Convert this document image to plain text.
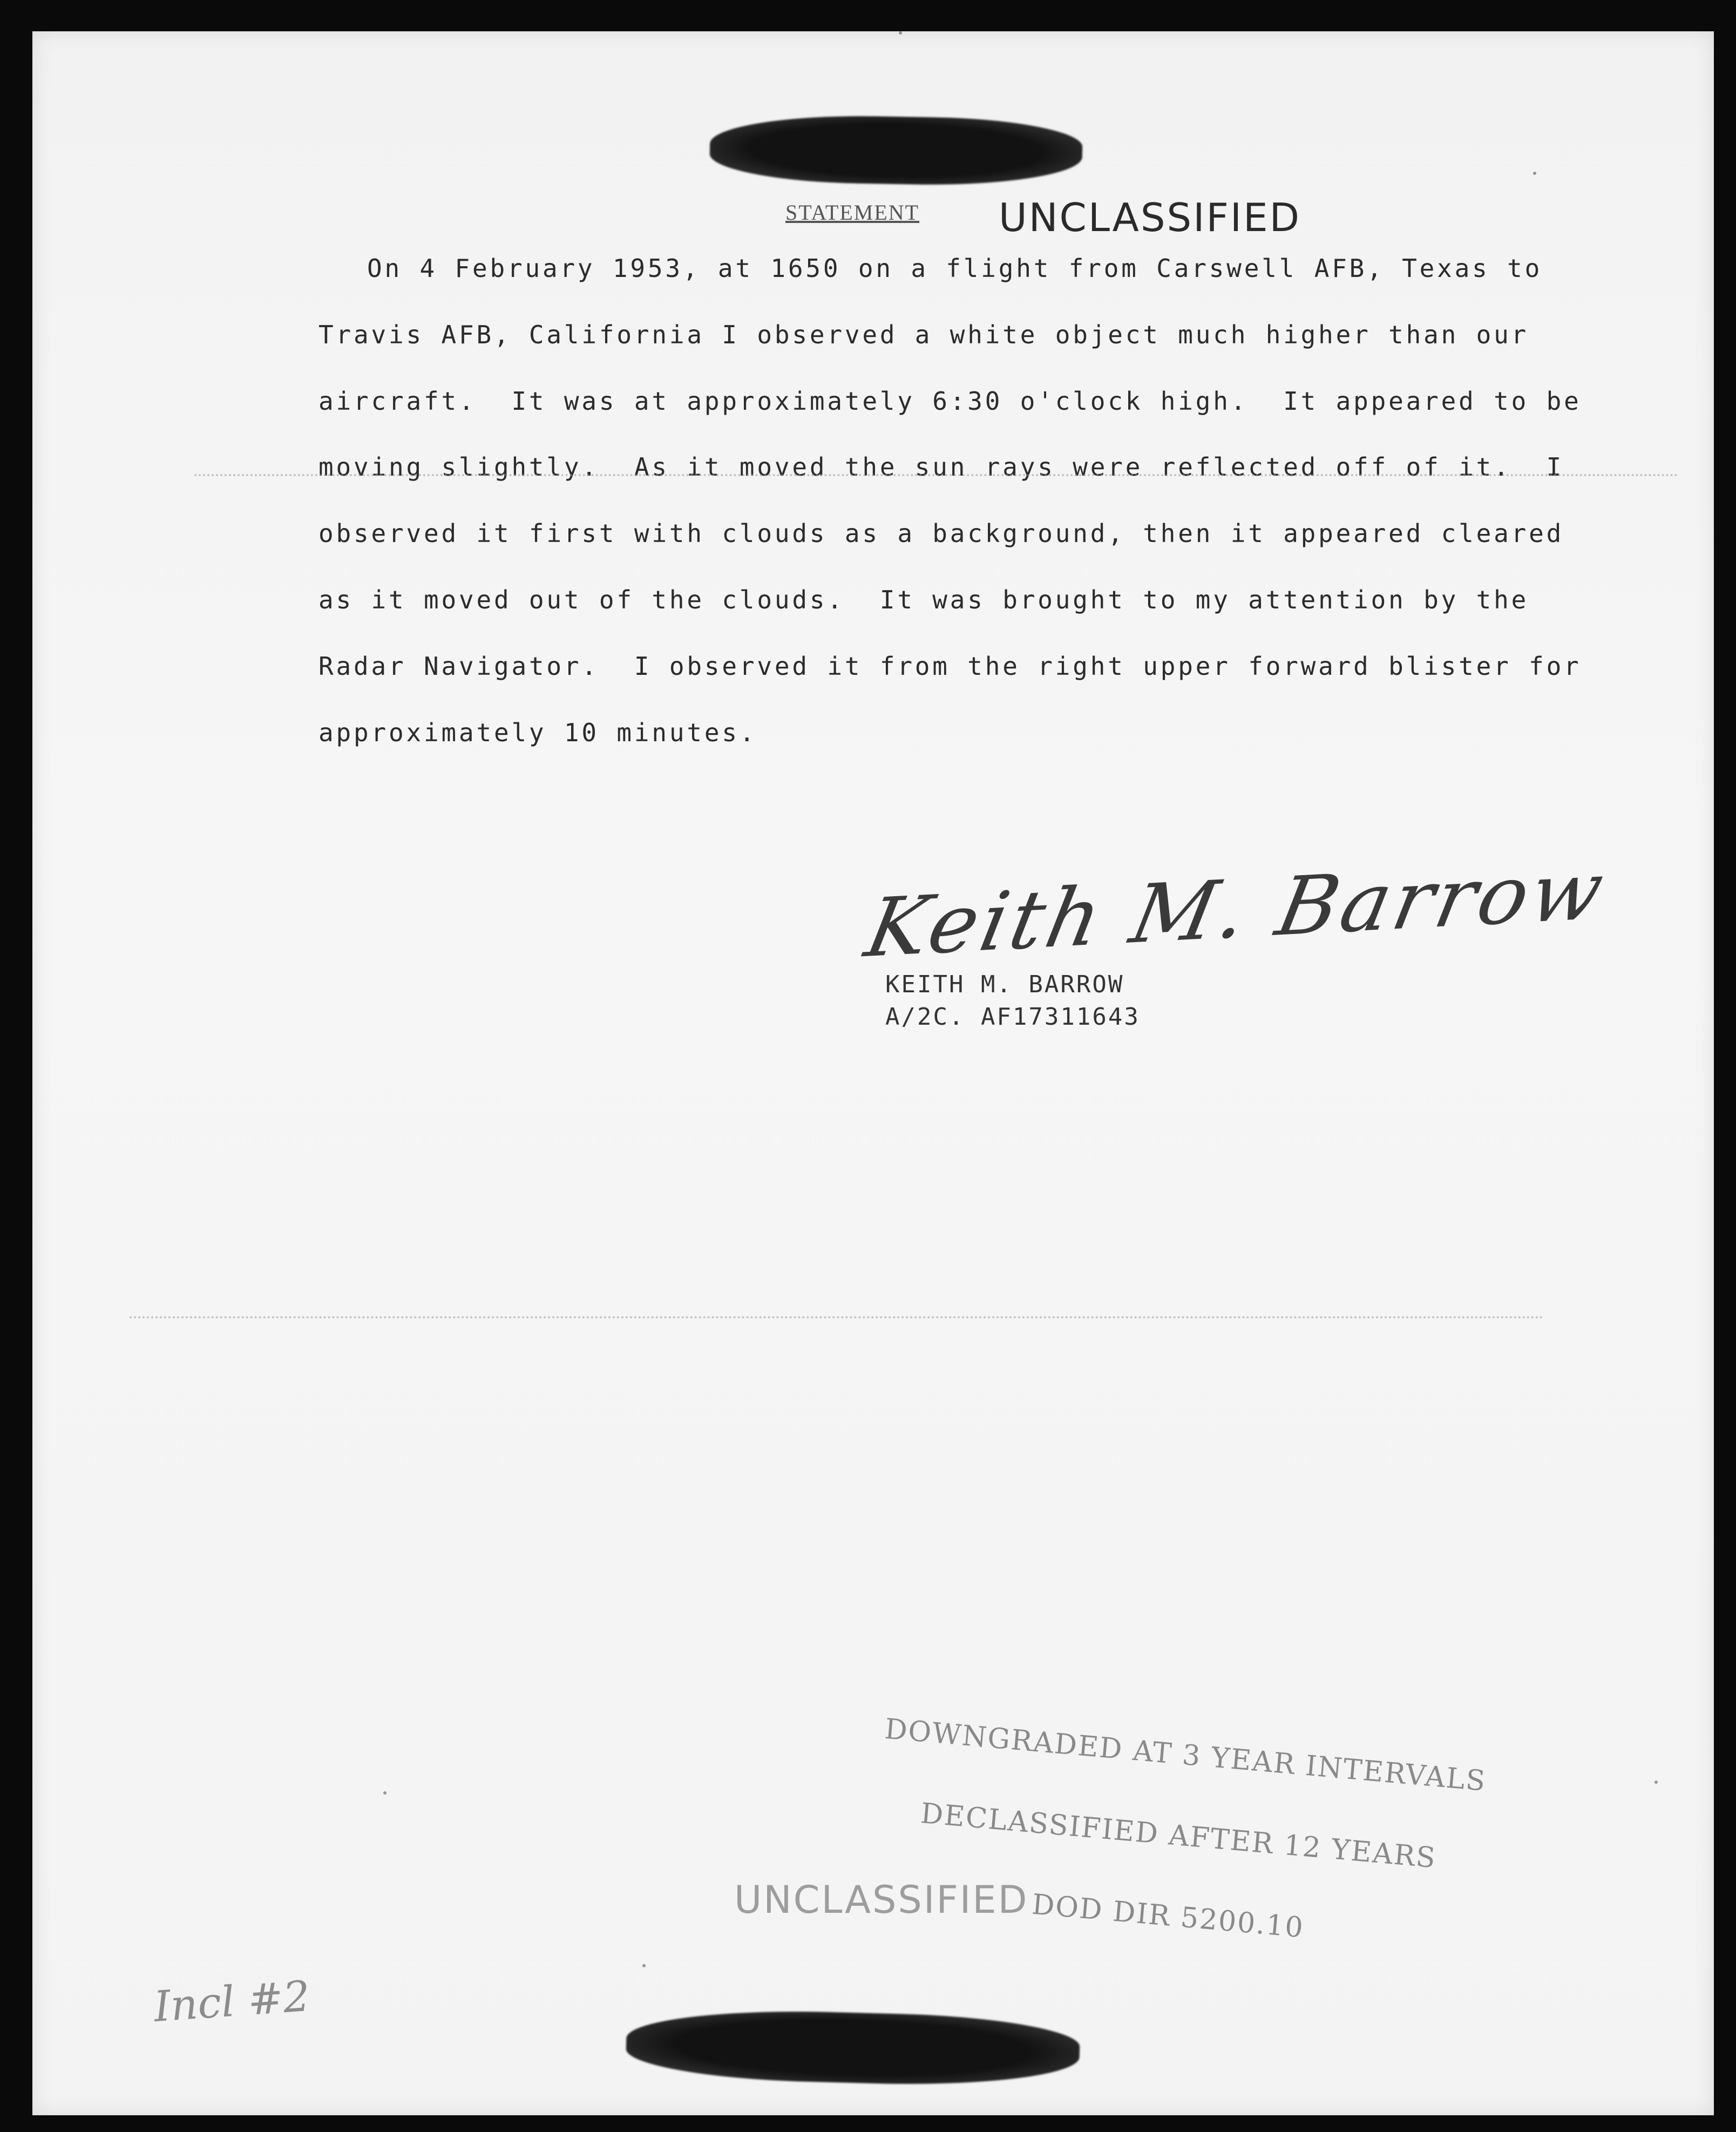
STATEMENT UNCLASSIFIED
On 4 February 1953, at 1650 on a flight from Carswell AFB, Texas to
Travis AFB, California I observed a white object much higher than our
aircraft.  It was at approximately 6:30 o'clock high.  It appeared to be
moving slightly.  As it moved the sun rays were reflected off of it.  I
observed it first with clouds as a background, then it appeared cleared
as it moved out of the clouds.  It was brought to my attention by the
Radar Navigator.  I observed it from the right upper forward blister for
approximately 10 minutes.
Keith M. Barrow
KEITH M. BARROW
A/2C. AF17311643

DOWNGRADED AT 3 YEAR INTERVALS

DECLASSIFIED AFTER 12 YEARS

DOD DIR 5200.10

UNCLASSIFIED
Incl #2
